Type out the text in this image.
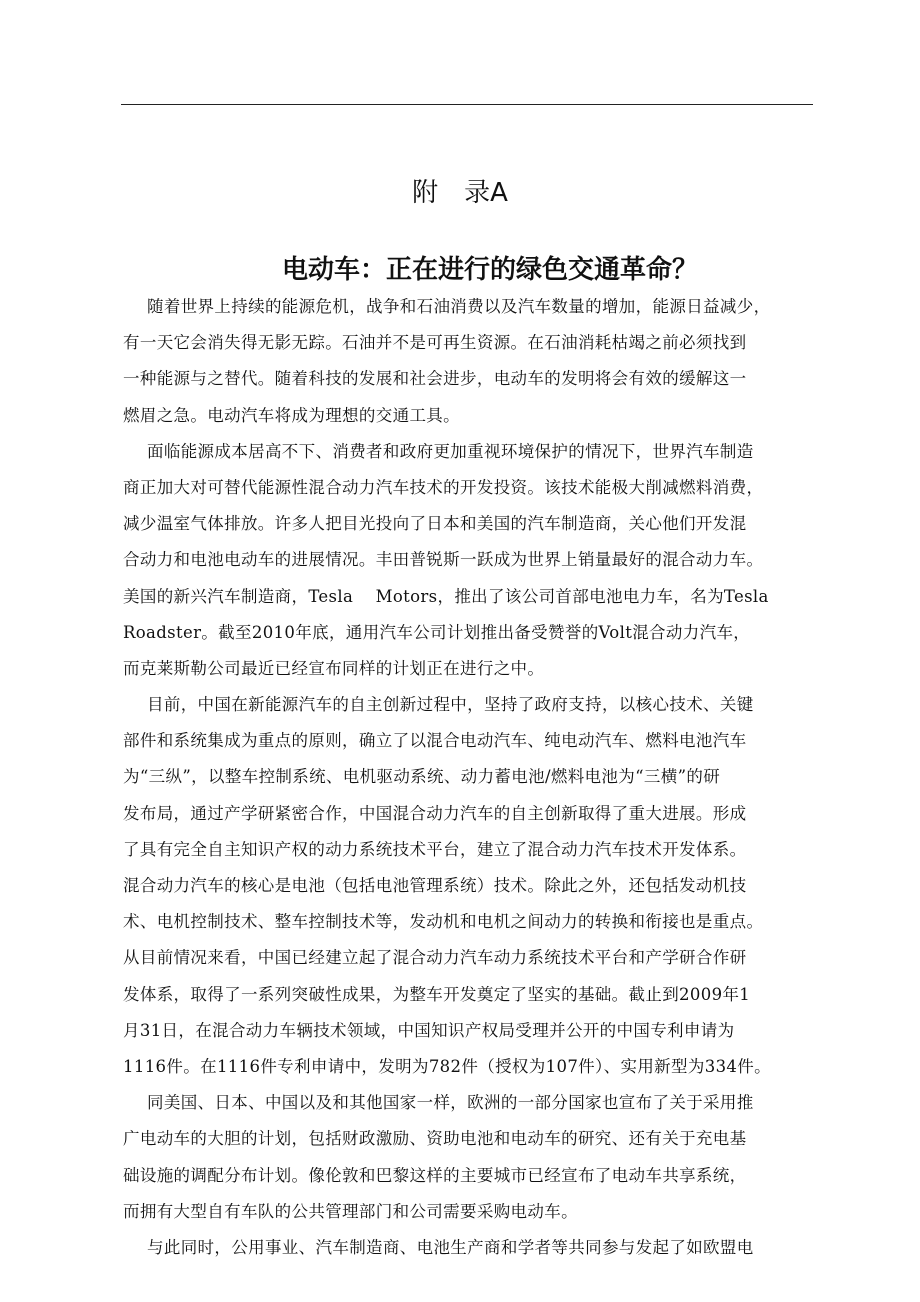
附　录A
电动车：正在进行的绿色交通革命？
随着世界上持续的能源危机，战争和石油消费以及汽车数量的增加，能源日益减少，
有一天它会消失得无影无踪。石油并不是可再生资源。在石油消耗枯竭之前必须找到
一种能源与之替代。随着科技的发展和社会进步，电动车的发明将会有效的缓解这一
燃眉之急。电动汽车将成为理想的交通工具。
面临能源成本居高不下、消费者和政府更加重视环境保护的情况下，世界汽车制造
商正加大对可替代能源性混合动力汽车技术的开发投资。该技术能极大削减燃料消费，
减少温室气体排放。许多人把目光投向了日本和美国的汽车制造商，关心他们开发混
合动力和电池电动车的进展情况。丰田普锐斯一跃成为世界上销量最好的混合动力车。
美国的新兴汽车制造商，Tesla　 Motors，推出了该公司首部电池电力车，名为Tesla
Roadster。截至2010年底，通用汽车公司计划推出备受赞誉的Volt混合动力汽车，
而克莱斯勒公司最近已经宣布同样的计划正在进行之中。
目前，中国在新能源汽车的自主创新过程中，坚持了政府支持，以核心技术、关键
部件和系统集成为重点的原则，确立了以混合电动汽车、纯电动汽车、燃料电池汽车
为“三纵”，以整车控制系统、电机驱动系统、动力蓄电池/燃料电池为“三横”的研
发布局，通过产学研紧密合作，中国混合动力汽车的自主创新取得了重大进展。形成
了具有完全自主知识产权的动力系统技术平台，建立了混合动力汽车技术开发体系。
混合动力汽车的核心是电池（包括电池管理系统）技术。除此之外，还包括发动机技
术、电机控制技术、整车控制技术等，发动机和电机之间动力的转换和衔接也是重点。
从目前情况来看，中国已经建立起了混合动力汽车动力系统技术平台和产学研合作研
发体系，取得了一系列突破性成果，为整车开发奠定了坚实的基础。截止到2009年1
月31日，在混合动力车辆技术领域，中国知识产权局受理并公开的中国专利申请为
1116件。在1116件专利申请中，发明为782件（授权为107件）、实用新型为334件。
同美国、日本、中国以及和其他国家一样，欧洲的一部分国家也宣布了关于采用推
广电动车的大胆的计划，包括财政激励、资助电池和电动车的研究、还有关于充电基
础设施的调配分布计划。像伦敦和巴黎这样的主要城市已经宣布了电动车共享系统，
而拥有大型自有车队的公共管理部门和公司需要采购电动车。
与此同时，公用事业、汽车制造商、电池生产商和学者等共同参与发起了如欧盟电
